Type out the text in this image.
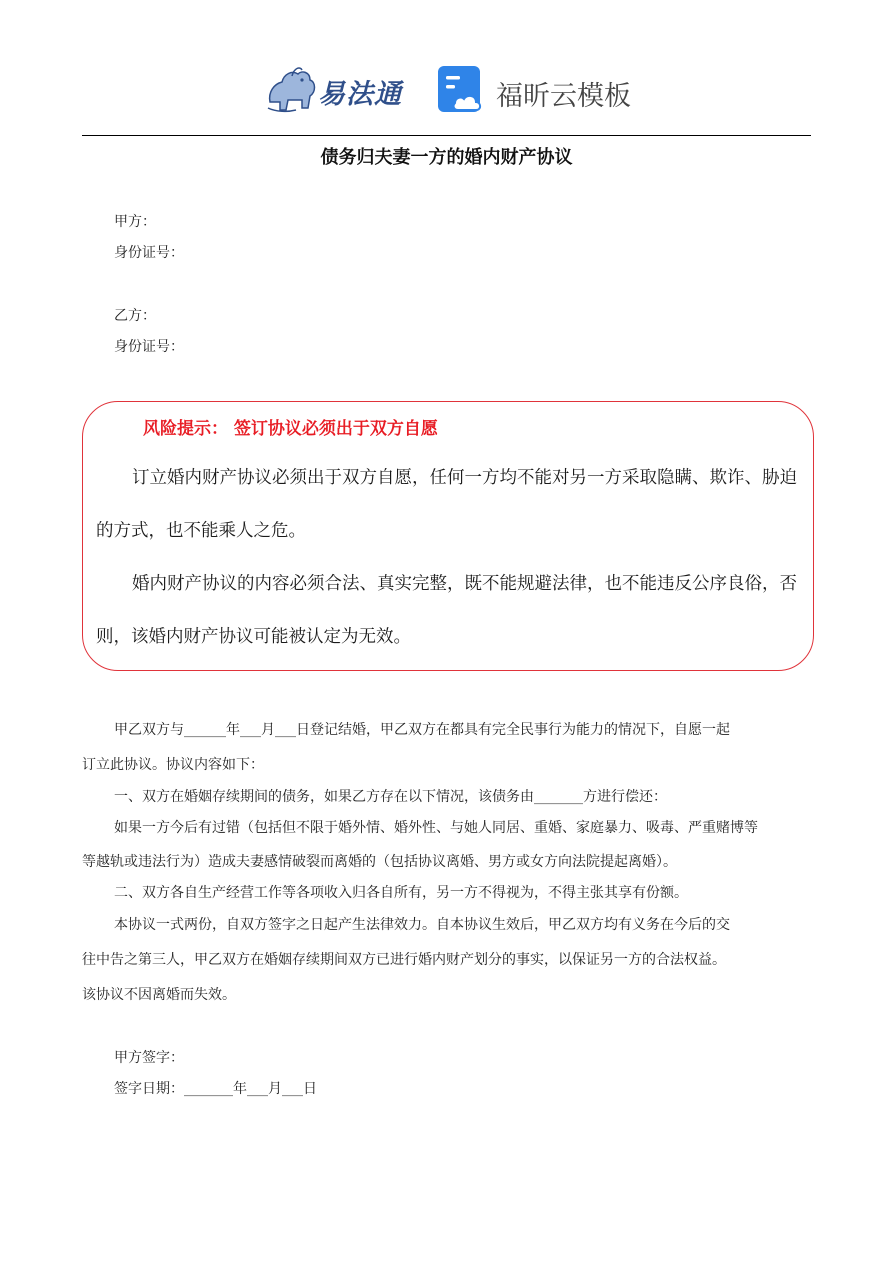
易法通	福昕云模板
债务归夫妻一方的婚内财产协议
甲方：
身份证号：
乙方：
身份证号：
风险提示： 签订协议必须出于双方自愿
订立婚内财产协议必须出于双方自愿，任何一方均不能对另一方采取隐瞒、欺诈、胁迫
的方式，也不能乘人之危。
婚内财产协议的内容必须合法、真实完整，既不能规避法律，也不能违反公序良俗，否
则，该婚内财产协议可能被认定为无效。
甲乙双方与______年___月___日登记结婚，甲乙双方在都具有完全民事行为能力的情况下，自愿一起
订立此协议。协议内容如下：
一、双方在婚姻存续期间的债务，如果乙方存在以下情况，该债务由_______方进行偿还：
如果一方今后有过错（包括但不限于婚外情、婚外性、与她人同居、重婚、家庭暴力、吸毒、严重赌博等
等越轨或违法行为）造成夫妻感情破裂而离婚的（包括协议离婚、男方或女方向法院提起离婚）。
二、双方各自生产经营工作等各项收入归各自所有，另一方不得视为，不得主张其享有份额。
本协议一式两份，自双方签字之日起产生法律效力。自本协议生效后，甲乙双方均有义务在今后的交
往中告之第三人，甲乙双方在婚姻存续期间双方已进行婚内财产划分的事实，以保证另一方的合法权益。
该协议不因离婚而失效。
甲方签字：
签字日期：_______年___月___日
